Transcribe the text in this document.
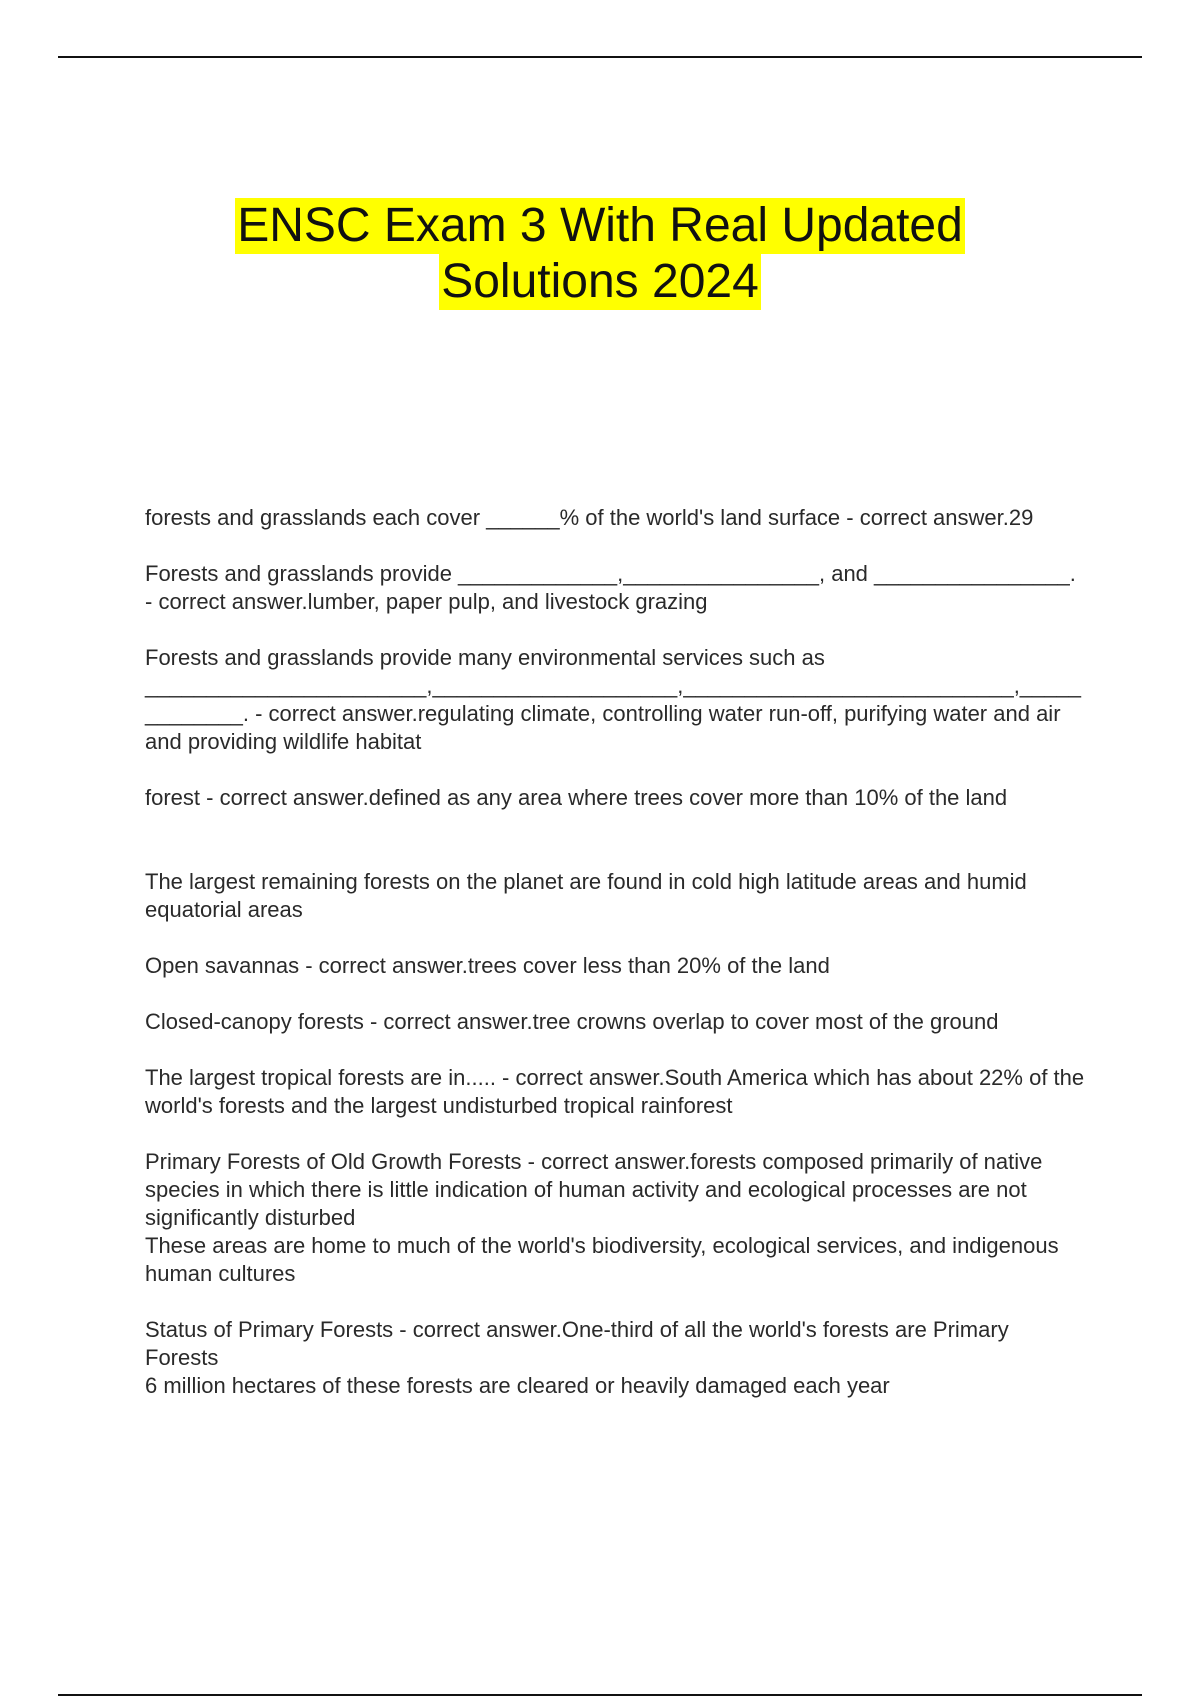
ENSC Exam 3 With Real Updated
Solutions 2024

forests and grasslands each cover ______% of the world's land surface - correct answer.29

Forests and grasslands provide _____________,________________, and ________________. - correct answer.lumber, paper pulp, and livestock grazing

Forests and grasslands provide many environmental services such as _______________________,____________________,___________________________,_____________. - correct answer.regulating climate, controlling water run-off, purifying water and air and providing wildlife habitat

forest - correct answer.defined as any area where trees cover more than 10% of the land

The largest remaining forests on the planet are found in cold high latitude areas and humid equatorial areas

Open savannas - correct answer.trees cover less than 20% of the land

Closed-canopy forests - correct answer.tree crowns overlap to cover most of the ground

The largest tropical forests are in..... - correct answer.South America which has about 22% of the world's forests and the largest undisturbed tropical rainforest

Primary Forests of Old Growth Forests - correct answer.forests composed primarily of native species in which there is little indication of human activity and ecological processes are not significantly disturbed
These areas are home to much of the world's biodiversity, ecological services, and indigenous human cultures

Status of Primary Forests - correct answer.One-third of all the world's forests are Primary Forests
6 million hectares of these forests are cleared or heavily damaged each year
